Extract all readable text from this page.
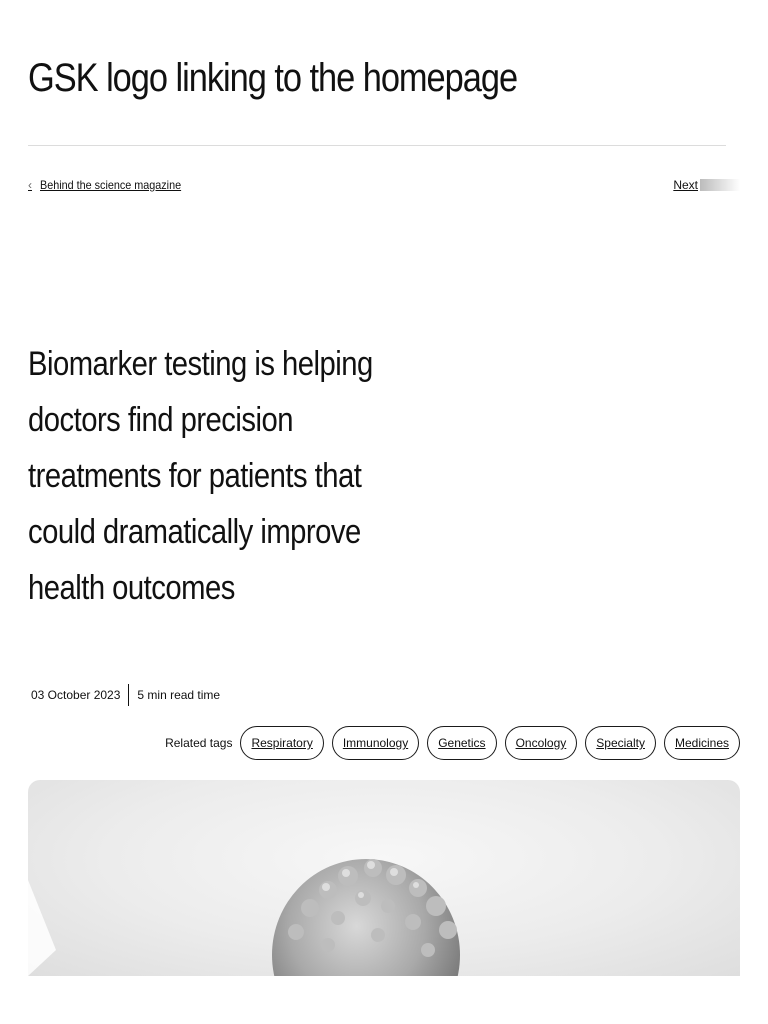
GSK logo linking to the homepage
‹ Behind the science magazine	Next
Biomarker testing is helping doctors find precision treatments for patients that could dramatically improve health outcomes
03 October 2023 5 min read time
Related tags	Respiratory	Immunology	Genetics	Oncology	Specialty	Medicines
